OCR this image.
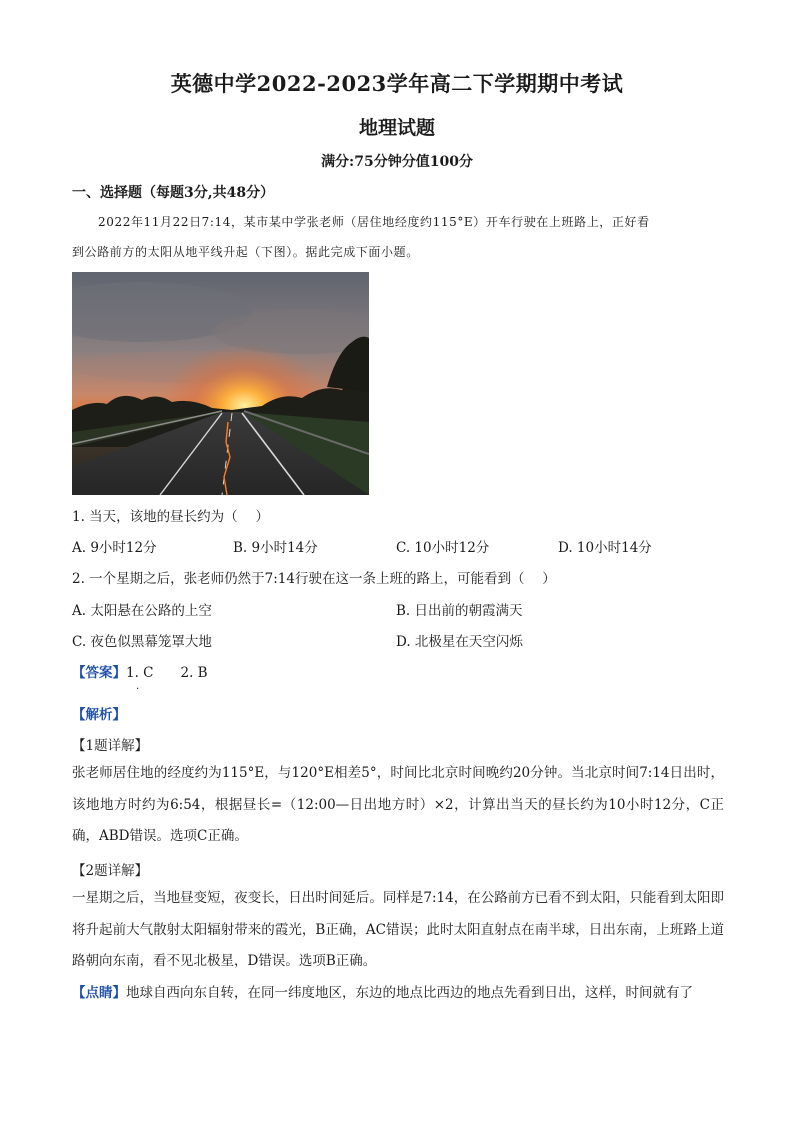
英德中学2022-2023学年高二下学期期中考试
地理试题
满分:75分钟分值100分
一、选择题（每题3分,共48分）
2022年11月22日7:14，某市某中学张老师（居住地经度约115°E）开车行驶在上班路上，正好看
到公路前方的太阳从地平线升起（下图）。据此完成下面小题。
1. 当天，该地的昼长约为（　 ）
A. 9小时12分	B. 9小时14分	C. 10小时12分	D. 10小时14分
2. 一个星期之后，张老师仍然于7:14行驶在这一条上班的路上，可能看到（　 ）
A. 太阳悬在公路的上空	B. 日出前的朝霞满天
C. 夜色似黑幕笼罩大地	D. 北极星在天空闪烁
【答案】1. C　　2. B
·
【解析】
【1题详解】
张老师居住地的经度约为115°E，与120°E相差5°，时间比北京时间晚约20分钟。当北京时间7:14日出时，该地地方时约为6:54，根据昼长=（12:00—日出地方时）×2，计算出当天的昼长约为10小时12分，C正确，ABD错误。选项C正确。
【2题详解】
一星期之后，当地昼变短，夜变长，日出时间延后。同样是7:14，在公路前方已看不到太阳，只能看到太阳即将升起前大气散射太阳辐射带来的霞光，B正确，AC错误；此时太阳直射点在南半球，日出东南，上班路上道路朝向东南，看不见北极星，D错误。选项B正确。
【点睛】地球自西向东自转，在同一纬度地区，东边的地点比西边的地点先看到日出，这样，时间就有了
